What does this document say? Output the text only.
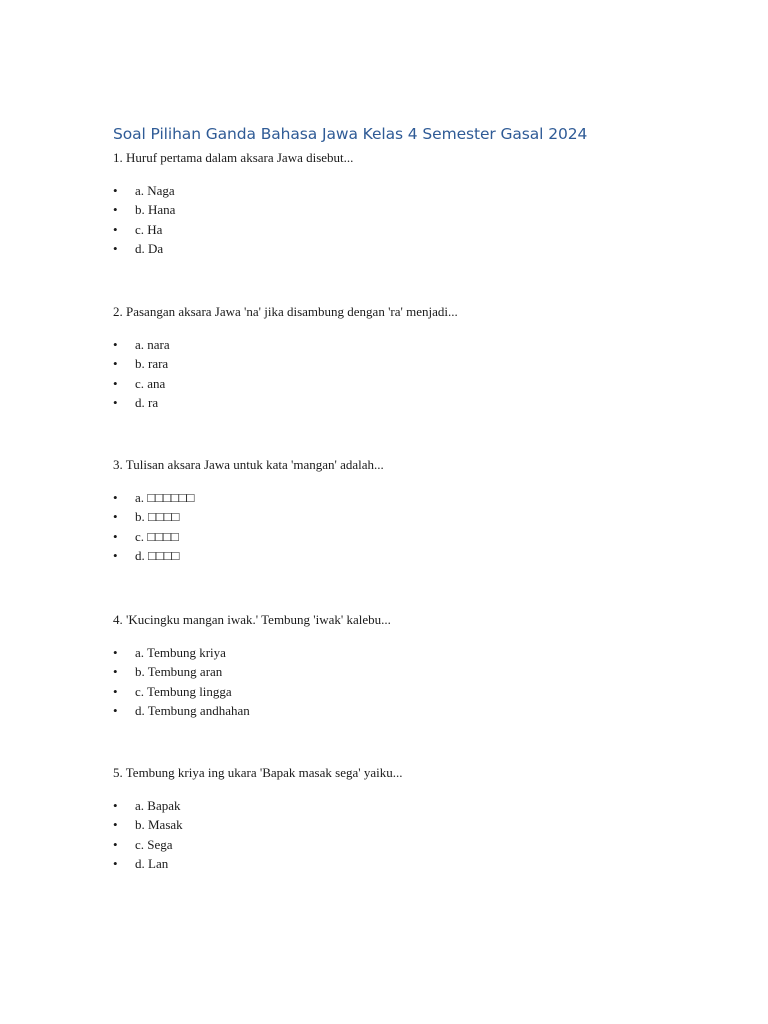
Soal Pilihan Ganda Bahasa Jawa Kelas 4 Semester Gasal 2024

1. Huruf pertama dalam aksara Jawa disebut...

• a. Naga
• b. Hana
• c. Ha
• d. Da

2. Pasangan aksara Jawa 'na' jika disambung dengan 'ra' menjadi...

• a. nara
• b. rara
• c. ana
• d. ra

3. Tulisan aksara Jawa untuk kata 'mangan' adalah...

• a. □□□□□□
• b. □□□□
• c. □□□□
• d. □□□□

4. 'Kucingku mangan iwak.' Tembung 'iwak' kalebu...

• a. Tembung kriya
• b. Tembung aran
• c. Tembung lingga
• d. Tembung andhahan

5. Tembung kriya ing ukara 'Bapak masak sega' yaiku...

• a. Bapak
• b. Masak
• c. Sega
• d. Lan
